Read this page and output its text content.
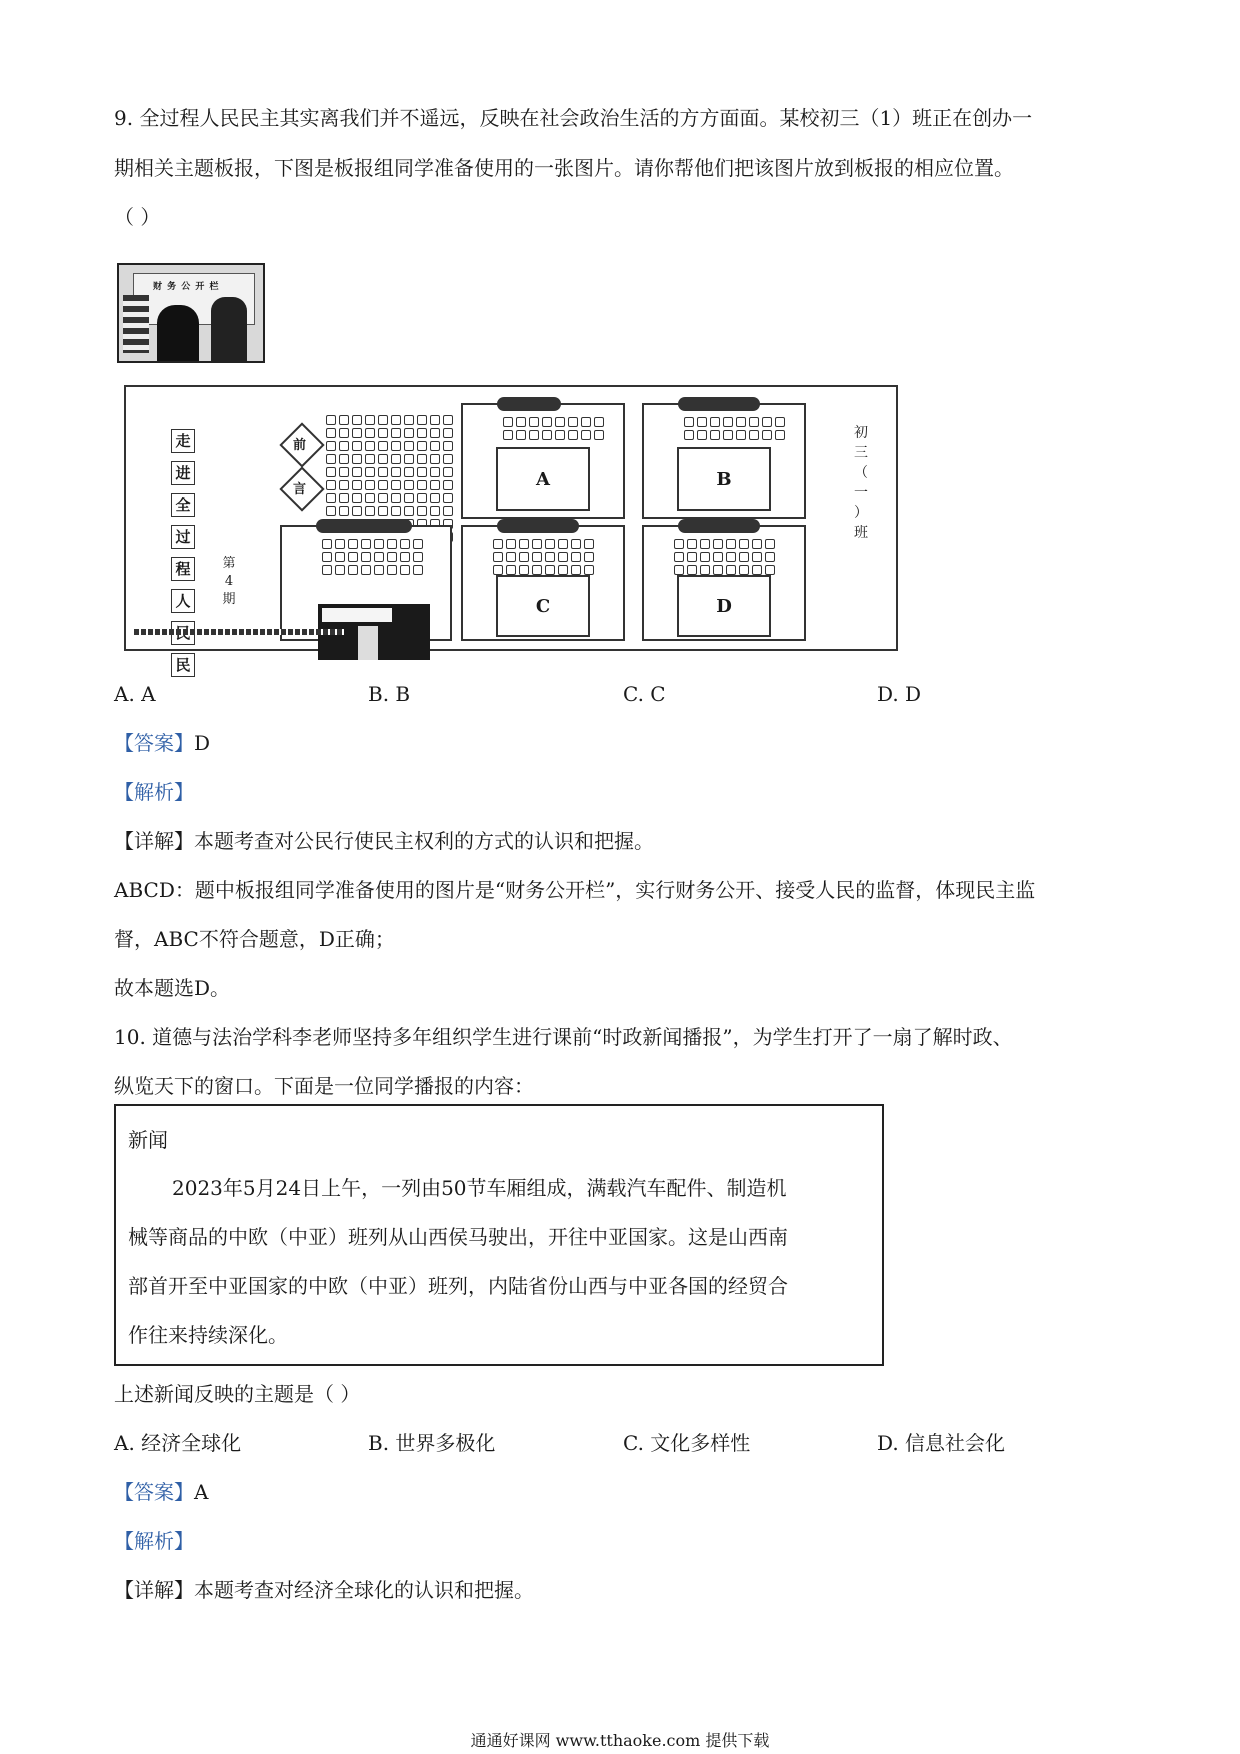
9. 全过程人民民主其实离我们并不遥远，反映在社会政治生活的方方面面。某校初三（1）班正在创办一
期相关主题板报，下图是板报组同学准备使用的一张图片。请你帮他们把该图片放到板报的相应位置。
（ ）
财 务 公 开 栏
走
进
全
过
程
人
民
第4期
前
言	A	B
C	D
初
三
（
一
）
班
A. A	B. B	C. C	D. D
【答案】D
【解析】
【详解】本题考查对公民行使民主权利的方式的认识和把握。
ABCD：题中板报组同学准备使用的图片是“财务公开栏”，实行财务公开、接受人民的监督，体现民主监
督，ABC不符合题意，D正确；
故本题选D。
10. 道德与法治学科李老师坚持多年组织学生进行课前“时政新闻播报”，为学生打开了一扇了解时政、
纵览天下的窗口。下面是一位同学播报的内容：
新闻
2023年5月24日上午，一列由50节车厢组成，满载汽车配件、制造机
械等商品的中欧（中亚）班列从山西侯马驶出，开往中亚国家。这是山西南
部首开至中亚国家的中欧（中亚）班列，内陆省份山西与中亚各国的经贸合
作往来持续深化。
上述新闻反映的主题是（ ）
A. 经济全球化	B. 世界多极化	C. 文化多样性	D. 信息社会化
【答案】A
【解析】
【详解】本题考查对经济全球化的认识和把握。
通通好课网 www.tthaoke.com 提供下载
